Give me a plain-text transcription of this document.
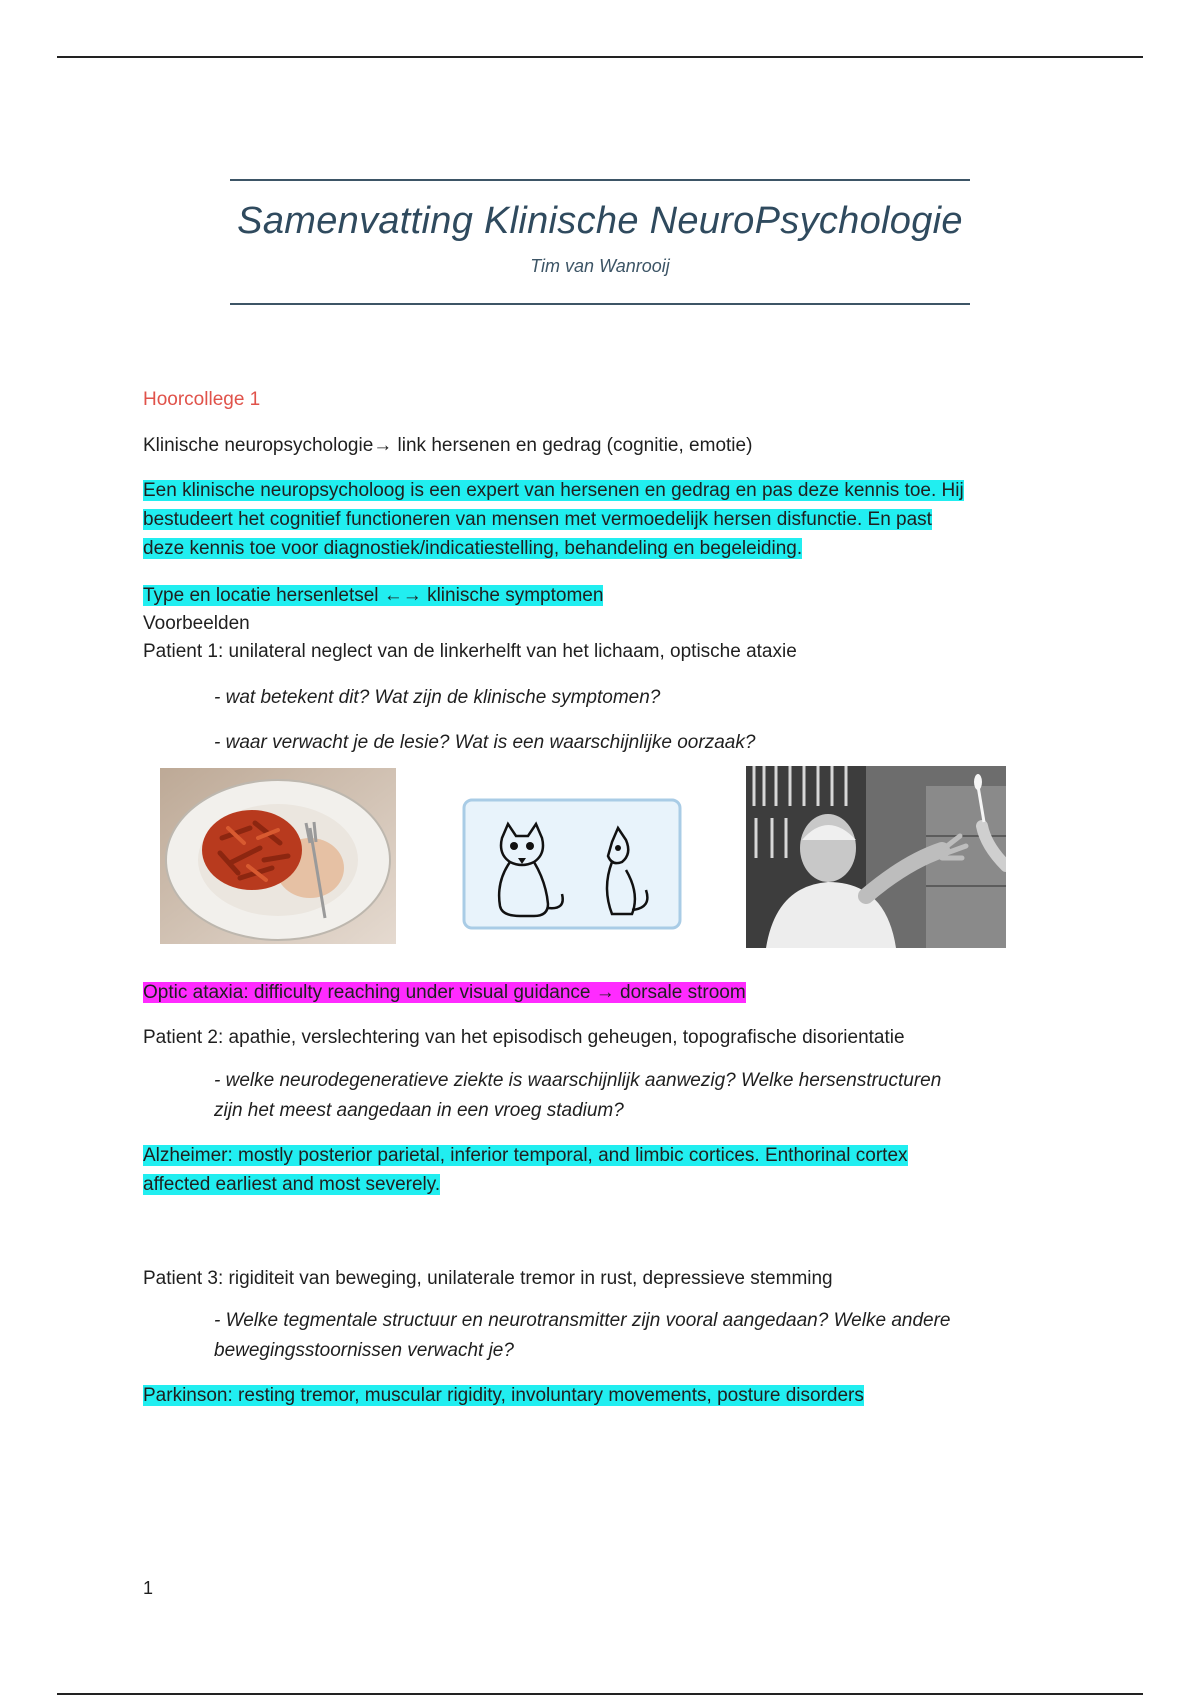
Samenvatting Klinische NeuroPsychologie
Tim van Wanrooij

Hoorcollege 1

Klinische neuropsychologie→ link hersenen en gedrag (cognitie, emotie)

Een klinische neuropsycholoog is een expert van hersenen en gedrag en pas deze kennis toe. Hij
bestudeert het cognitief functioneren van mensen met vermoedelijk hersen disfunctie. En past
deze kennis toe voor diagnostiek/indicatiestelling, behandeling en begeleiding.

Type en locatie hersenletsel ←→ klinische symptomen

Voorbeelden

Patient 1: unilateral neglect van de linkerhelft van het lichaam, optische ataxie

- wat betekent dit? Wat zijn de klinische symptomen?

- waar verwacht je de lesie? Wat is een waarschijnlijke oorzaak?

Optic ataxia: difficulty reaching under visual guidance → dorsale stroom

Patient 2: apathie, verslechtering van het episodisch geheugen, topografische disorientatie

- welke neurodegeneratieve ziekte is waarschijnlijk aanwezig? Welke hersenstructuren
zijn het meest aangedaan in een vroeg stadium?

Alzheimer: mostly posterior parietal, inferior temporal, and limbic cortices. Enthorinal cortex
affected earliest and most severely.

Patient 3: rigiditeit van beweging, unilaterale tremor in rust, depressieve stemming

- Welke tegmentale structuur en neurotransmitter zijn vooral aangedaan? Welke andere
bewegingsstoornissen verwacht je?

Parkinson: resting tremor, muscular rigidity, involuntary movements, posture disorders

1
